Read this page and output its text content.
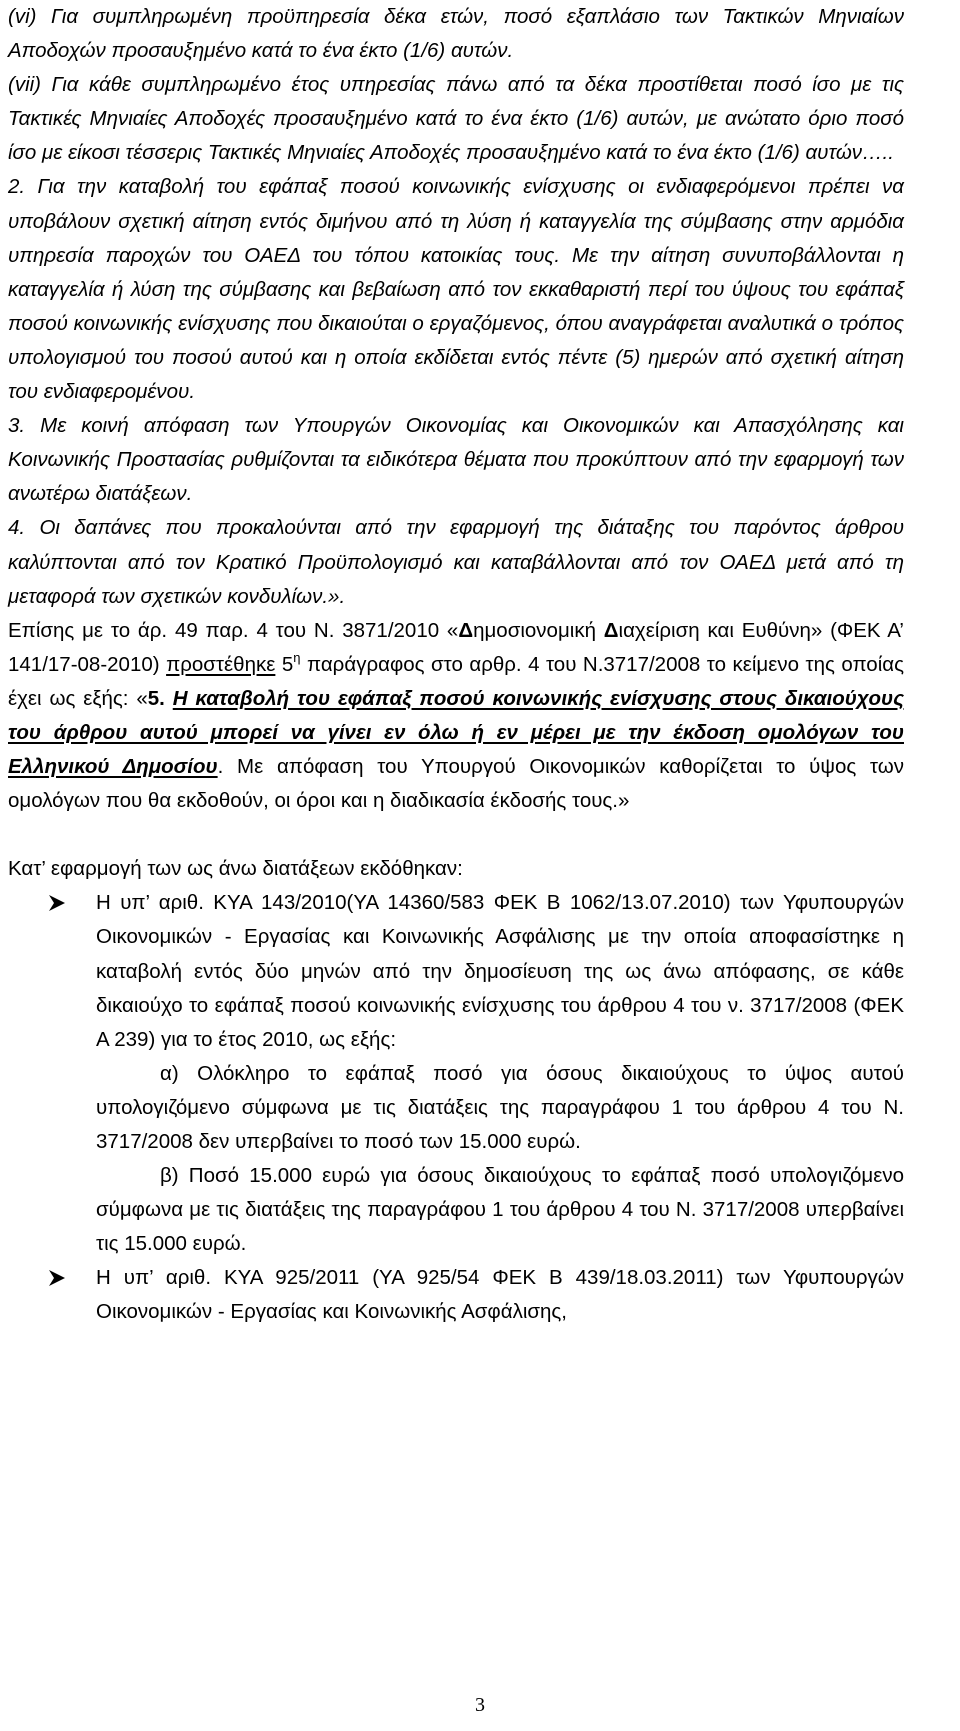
(vi) Για συμπληρωμένη προϋπηρεσία δέκα ετών, ποσό εξαπλάσιο των Τακτικών Μηνιαίων Αποδοχών προσαυξημένο κατά το ένα έκτο (1/6) αυτών.

(vii) Για κάθε συμπληρωμένο έτος υπηρεσίας πάνω από τα δέκα προστίθεται ποσό ίσο με τις Τακτικές Μηνιαίες Αποδοχές προσαυξημένο κατά το ένα έκτο (1/6) αυτών, με ανώτατο όριο ποσό ίσο με είκοσι τέσσερις Τακτικές Μηνιαίες Αποδοχές προσαυξημένο κατά το ένα έκτο (1/6) αυτών…..

2. Για την καταβολή του εφάπαξ ποσού κοινωνικής ενίσχυσης οι ενδιαφερόμενοι πρέπει να υποβάλουν σχετική αίτηση εντός διμήνου από τη λύση ή καταγγελία της σύμβασης στην αρμόδια υπηρεσία παροχών του ΟΑΕΔ του τόπου κατοικίας τους. Με την αίτηση συνυποβάλλονται η καταγγελία ή λύση της σύμβασης και βεβαίωση από τον εκκαθαριστή περί του ύψους του εφάπαξ ποσού κοινωνικής ενίσχυσης που δικαιούται ο εργαζόμενος, όπου αναγράφεται αναλυτικά ο τρόπος υπολογισμού του ποσού αυτού και η οποία εκδίδεται εντός πέντε (5) ημερών από σχετική αίτηση του ενδιαφερομένου.

3. Με κοινή απόφαση των Υπουργών Οικονομίας και Οικονομικών και Απασχόλησης και Κοινωνικής Προστασίας ρυθμίζονται τα ειδικότερα θέματα που προκύπτουν από την εφαρμογή των ανωτέρω διατάξεων.

4. Οι δαπάνες που προκαλούνται από την εφαρμογή της διάταξης του παρόντος άρθρου καλύπτονται από τον Κρατικό Προϋπολογισμό και καταβάλλονται από τον ΟΑΕΔ μετά από τη μεταφορά των σχετικών κονδυλίων.».

Επίσης με το άρ. 49 παρ. 4 του Ν. 3871/2010 «Δημοσιονομική Διαχείριση και Ευθύνη» (ΦΕΚ Α’ 141/17-08-2010) προστέθηκε $5^\eta$ παράγραφος στο αρθρ. 4 του Ν.3717/2008 το κείμενο της οποίας έχει ως εξής: «5. Η καταβολή του εφάπαξ ποσού κοινωνικής ενίσχυσης στους δικαιούχους του άρθρου αυτού μπορεί να γίνει εν όλω ή εν μέρει με την έκδοση ομολόγων του Ελληνικού Δημοσίου. Με απόφαση του Υπουργού Οικονομικών καθορίζεται το ύψος των ομολόγων που θα εκδοθούν, οι όροι και η διαδικασία έκδοσής τους.»

Κατ’ εφαρμογή των ως άνω διατάξεων εκδόθηκαν:

Η υπ’ αριθ. ΚΥΑ 143/2010(ΥΑ 14360/583 ΦΕΚ Β 1062/13.07.2010) των Υφυπουργών Οικονομικών - Εργασίας και Κοινωνικής Ασφάλισης με την οποία αποφασίστηκε η καταβολή εντός δύο μηνών από την δημοσίευση της ως άνω απόφασης, σε κάθε δικαιούχο το εφάπαξ ποσού κοινωνικής ενίσχυσης του άρθρου 4 του ν. 3717/2008 (ΦΕΚ Α 239) για το έτος 2010, ως εξής:

α) Ολόκληρο το εφάπαξ ποσό για όσους δικαιούχους το ύψος αυτού υπολογιζόμενο σύμφωνα με τις διατάξεις της παραγράφου 1 του άρθρου 4 του Ν. 3717/2008 δεν υπερβαίνει το ποσό των 15.000 ευρώ.

β) Ποσό 15.000 ευρώ για όσους δικαιούχους το εφάπαξ ποσό υπολογιζόμενο σύμφωνα με τις διατάξεις της παραγράφου 1 του άρθρου 4 του Ν. 3717/2008 υπερβαίνει τις 15.000 ευρώ.

Η υπ’ αριθ. ΚΥΑ 925/2011 (ΥΑ 925/54 ΦΕΚ Β 439/18.03.2011) των Υφυπουργών Οικονομικών - Εργασίας και Κοινωνικής Ασφάλισης,

3
